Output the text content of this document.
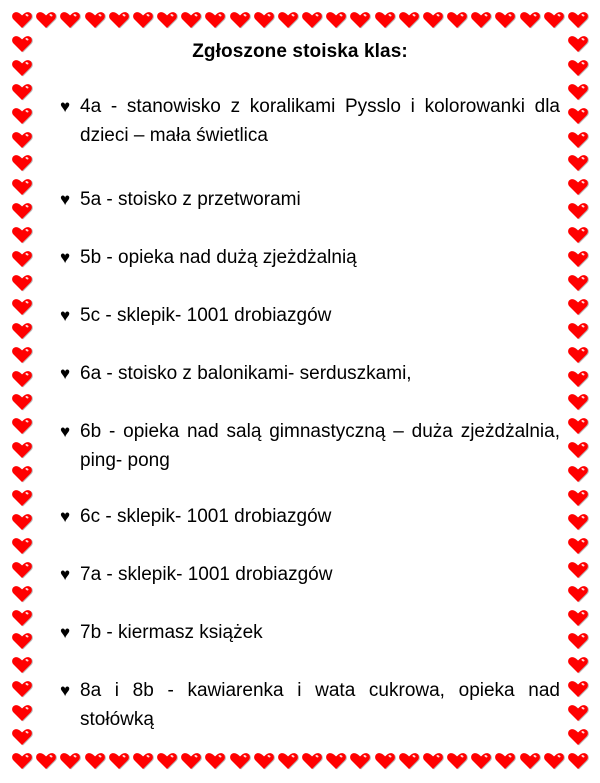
Zgłoszone stoiska klas:
♥ 4a - stanowisko z koralikami Pysslo i kolorowanki dla dzieci – mała świetlica
♥ 5a - stoisko z przetworami
♥ 5b - opieka nad dużą zjeżdżalnią
♥ 5c - sklepik- 1001 drobiazgów
♥ 6a - stoisko z balonikami- serduszkami,
♥ 6b - opieka nad salą gimnastyczną – duża zjeżdżalnia, ping- pong
♥ 6c - sklepik- 1001 drobiazgów
♥ 7a - sklepik- 1001 drobiazgów
♥ 7b - kiermasz książek
♥ 8a i 8b - kawiarenka i wata cukrowa, opieka nad stołówką
